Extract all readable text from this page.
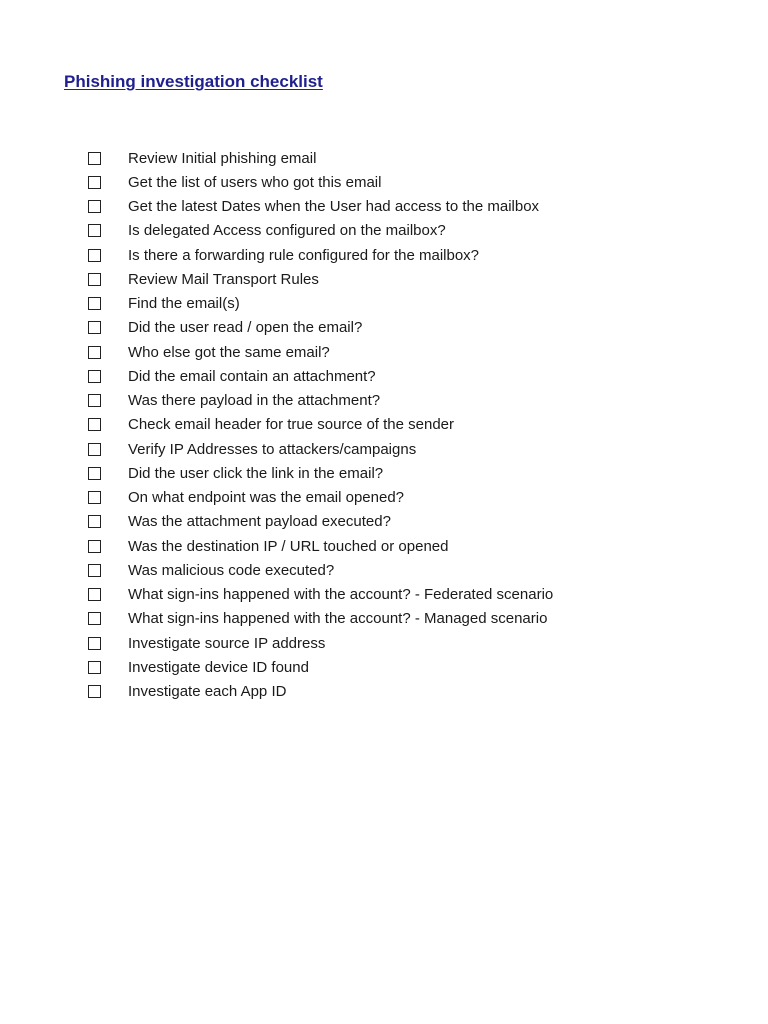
Phishing investigation checklist
Review Initial phishing email
Get the list of users who got this email
Get the latest Dates when the User had access to the mailbox
Is delegated Access configured on the mailbox?
Is there a forwarding rule configured for the mailbox?
Review Mail Transport Rules
Find the email(s)
Did the user read / open the email?
Who else got the same email?
Did the email contain an attachment?
Was there payload in the attachment?
Check email header for true source of the sender
Verify IP Addresses to attackers/campaigns
Did the user click the link in the email?
On what endpoint was the email opened?
Was the attachment payload executed?
Was the destination IP / URL touched or opened
Was malicious code executed?
What sign-ins happened with the account? - Federated scenario
What sign-ins happened with the account? - Managed scenario
Investigate source IP address
Investigate device ID found
Investigate each App ID
